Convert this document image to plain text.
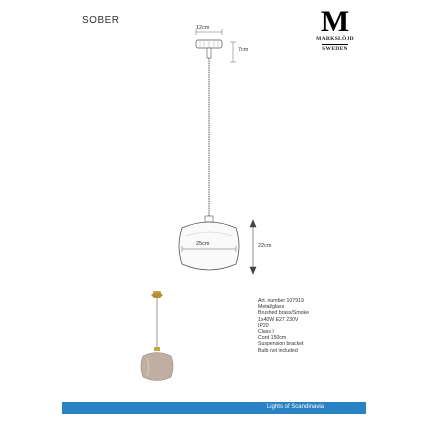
SOBER	M
MARKSLÖJD
SWEDEN
12cm
7cm
25cm	22cm
Art. number 107919
Metal/glass
Brushed brass/Smoke
1x40W E27 230V
IP20
Class I
Cord 150cm
Suspension bracket
Bulb not included
Lights of Scandinavia
